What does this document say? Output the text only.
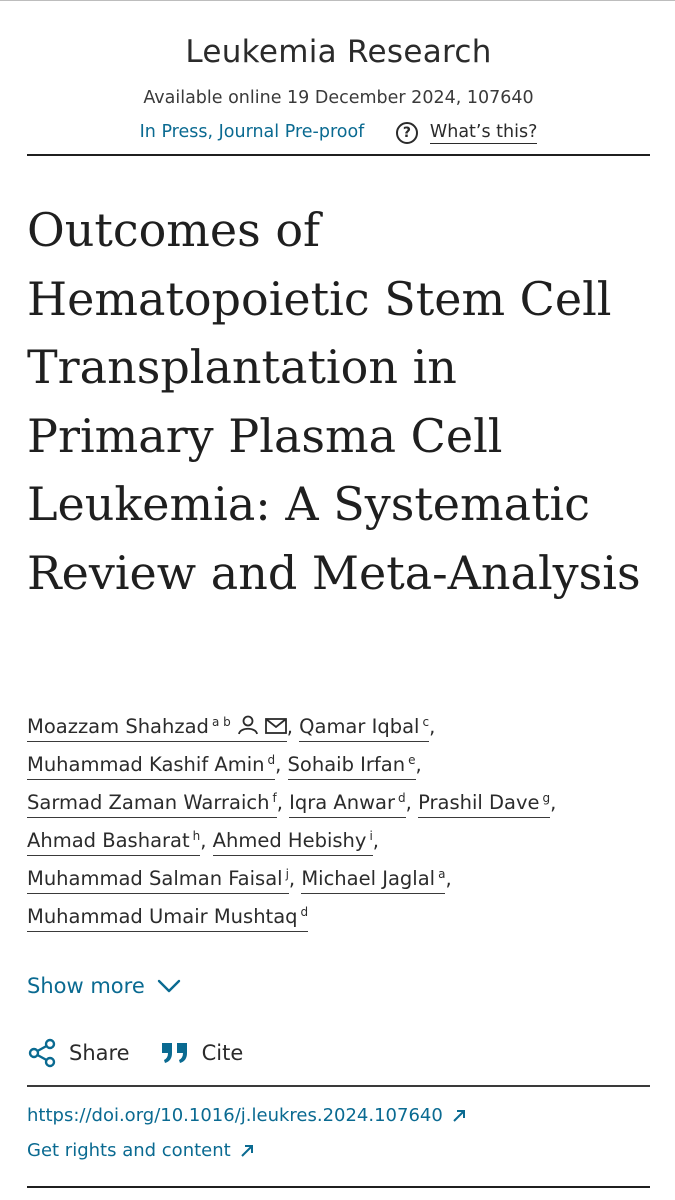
Leukemia Research
Available online 19 December 2024, 107640
In Press, Journal Pre-proof	?	What’s this?
Outcomes of Hematopoietic Stem Cell Transplantation in Primary Plasma Cell Leukemia: A Systematic Review and Meta-Analysis
Moazzam Shahzad $^{a b}$	, Qamar Iqbal $^c$,
Muhammad Kashif Amin $^d$, Sohaib Irfan $^e$,
Sarmad Zaman Warraich $^f$, Iqra Anwar $^d$, Prashil Dave $^g$,
Ahmad Basharat $^h$, Ahmed Hebishy $^i$,
Muhammad Salman Faisal $^j$, Michael Jaglal $^a$,
Muhammad Umair Mushtaq $^d$
Show more
Share	Cite
https://doi.org/10.1016/j.leukres.2024.107640
Get rights and content
